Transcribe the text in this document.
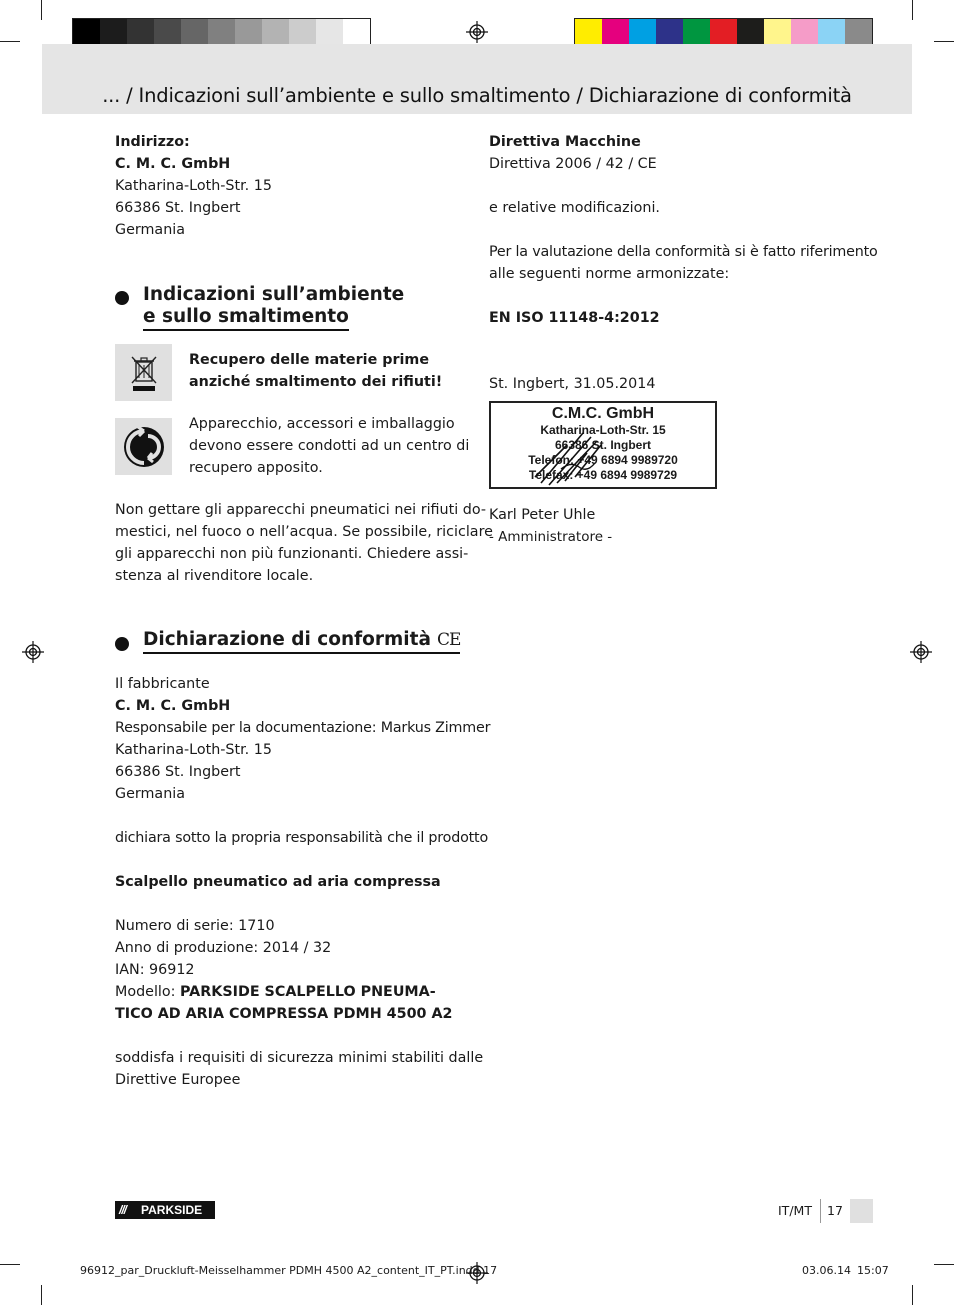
... / Indicazioni sull’ambiente e sullo smaltimento / Dichiarazione di conformità
Indirizzo:
C. M. C. GmbH
Katharina-Loth-Str. 15
66386 St. Ingbert
Germania
Indicazioni sull’ambiente
e sullo smaltimento
Recupero delle materie prime
anziché smaltimento dei rifiuti!
Apparecchio, accessori e imballaggio
devono essere condotti ad un centro di
recupero apposito.
Non gettare gli apparecchi pneumatici nei rifiuti do-
mestici, nel fuoco o nell’acqua. Se possibile, riciclare
gli apparecchi non più funzionanti. Chiedere assi-
stenza al rivenditore locale.
Dichiarazione di conformità CE
Il fabbricante
C. M. C. GmbH
Responsabile per la documentazione: Markus Zimmer
Katharina-Loth-Str. 15
66386 St. Ingbert
Germania
dichiara sotto la propria responsabilità che il prodotto
Scalpello pneumatico ad aria compressa
Numero di serie: 1710
Anno di produzione: 2014 / 32
IAN: 96912
Modello: PARKSIDE SCALPELLO PNEUMA-
TICO AD ARIA COMPRESSA PDMH 4500 A2
soddisfa i requisiti di sicurezza minimi stabiliti dalle
Direttive Europee
Direttiva Macchine
Direttiva 2006 / 42 / CE
e relative modificazioni.
Per la valutazione della conformità si è fatto riferimento
alle seguenti norme armonizzate:
EN ISO 11148-4:2012
St. Ingbert, 31.05.2014
C.M.C. GmbH
Katharina-Loth-Str. 15
66386 St. Ingbert
Telefon: +49 6894 9989720
Telefax: +49 6894 9989729
Karl Peter Uhle
- Amministratore -
/// PARKSIDE	IT/MT 17
96912_par_Druckluft-Meisselhammer PDMH 4500 A2_content_IT_PT.indd 17	03.06.14 15:07
